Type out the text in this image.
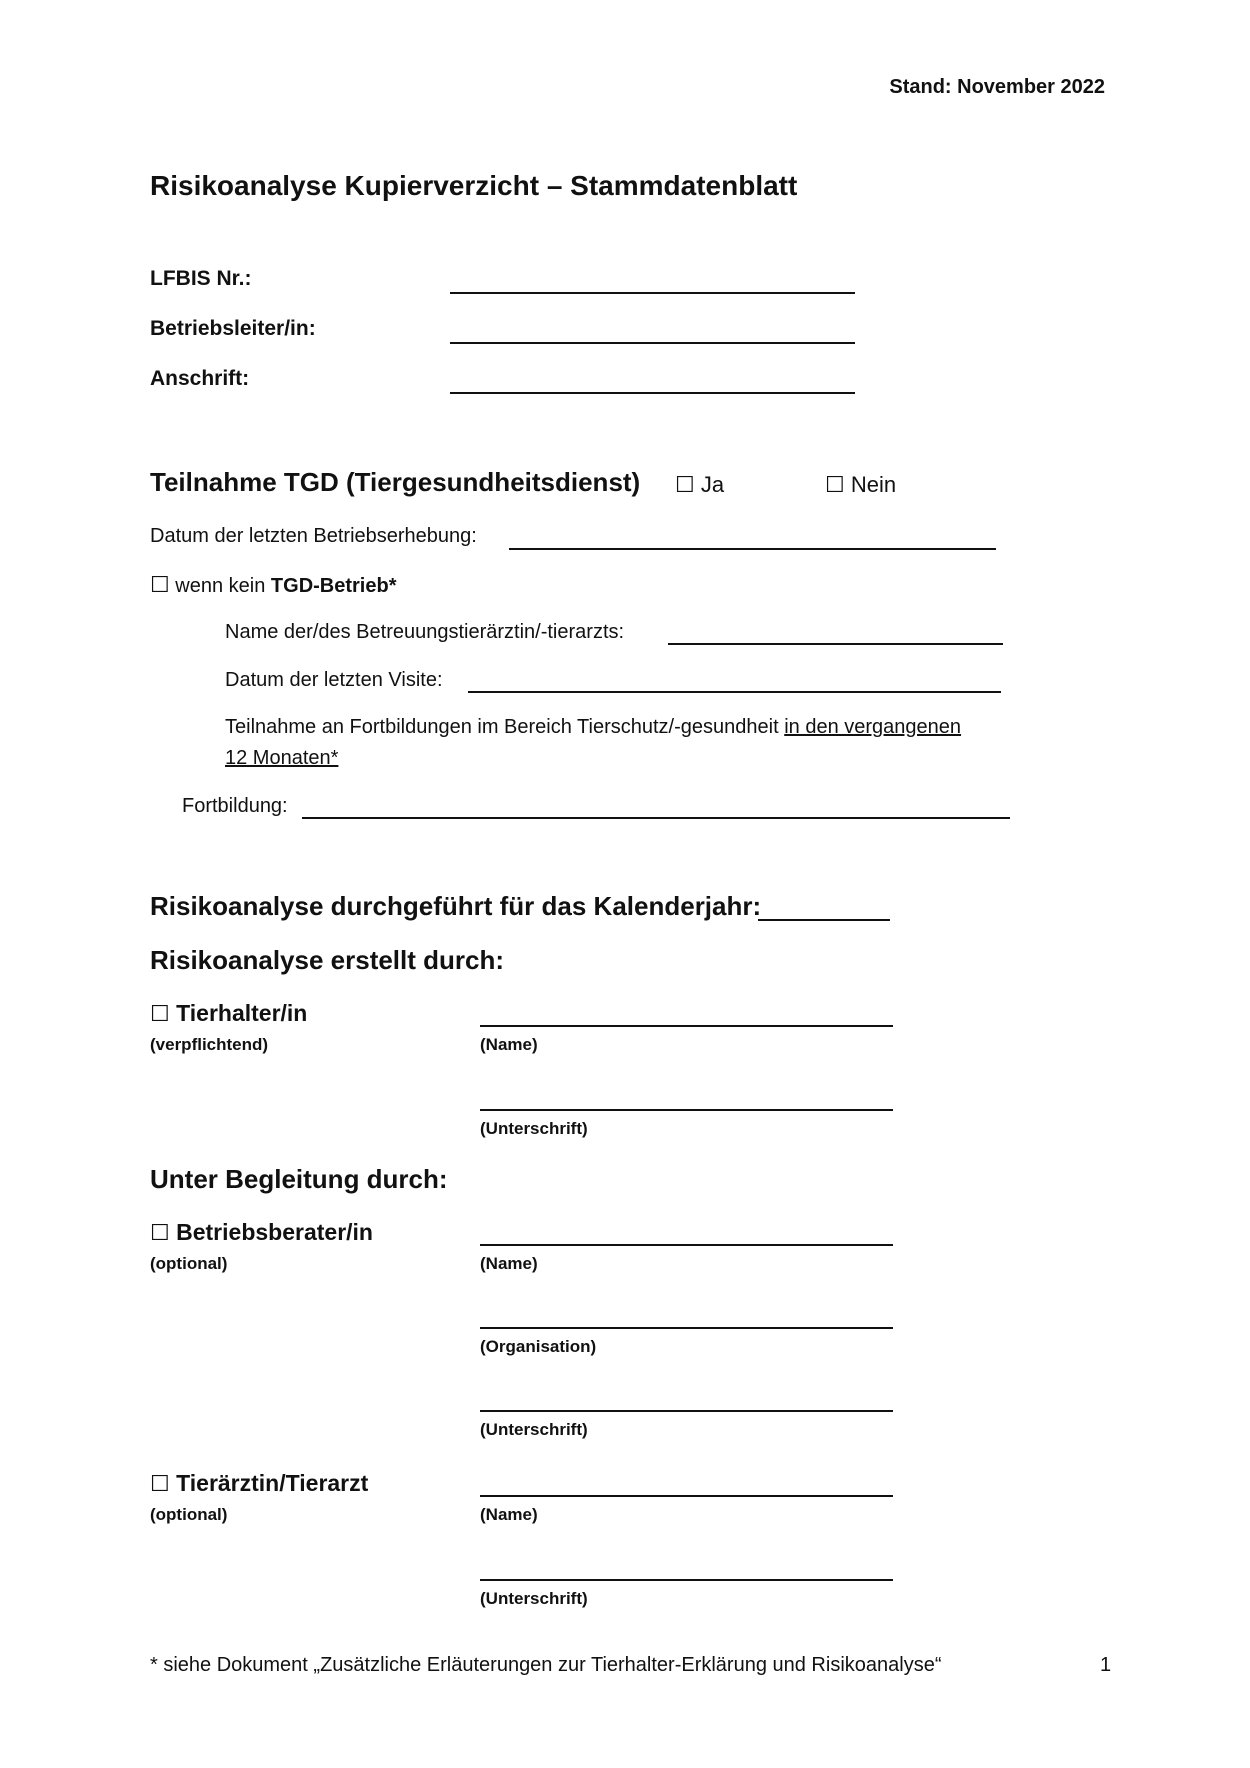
Stand: November 2022
Risikoanalyse Kupierverzicht – Stammdatenblatt
LFBIS Nr.:
Betriebsleiter/in:
Anschrift:
Teilnahme TGD (Tiergesundheitsdienst) ☐ Ja	☐ Nein
Datum der letzten Betriebserhebung:
☐ wenn kein TGD-Betrieb*
Name der/des Betreuungstierärztin/-tierarzts:
Datum der letzten Visite:
Teilnahme an Fortbildungen im Bereich Tierschutz/-gesundheit in den vergangenen
12 Monaten*
Fortbildung:
Risikoanalyse durchgeführt für das Kalenderjahr:
Risikoanalyse erstellt durch:
☐ Tierhalter/in
(verpflichtend)	(Name)
(Unterschrift)
Unter Begleitung durch:
☐ Betriebsberater/in
(optional)	(Name)
(Organisation)
(Unterschrift)
☐ Tierärztin/Tierarzt
(optional)	(Name)
(Unterschrift)
* siehe Dokument „Zusätzliche Erläuterungen zur Tierhalter-Erklärung und Risikoanalyse“	1
